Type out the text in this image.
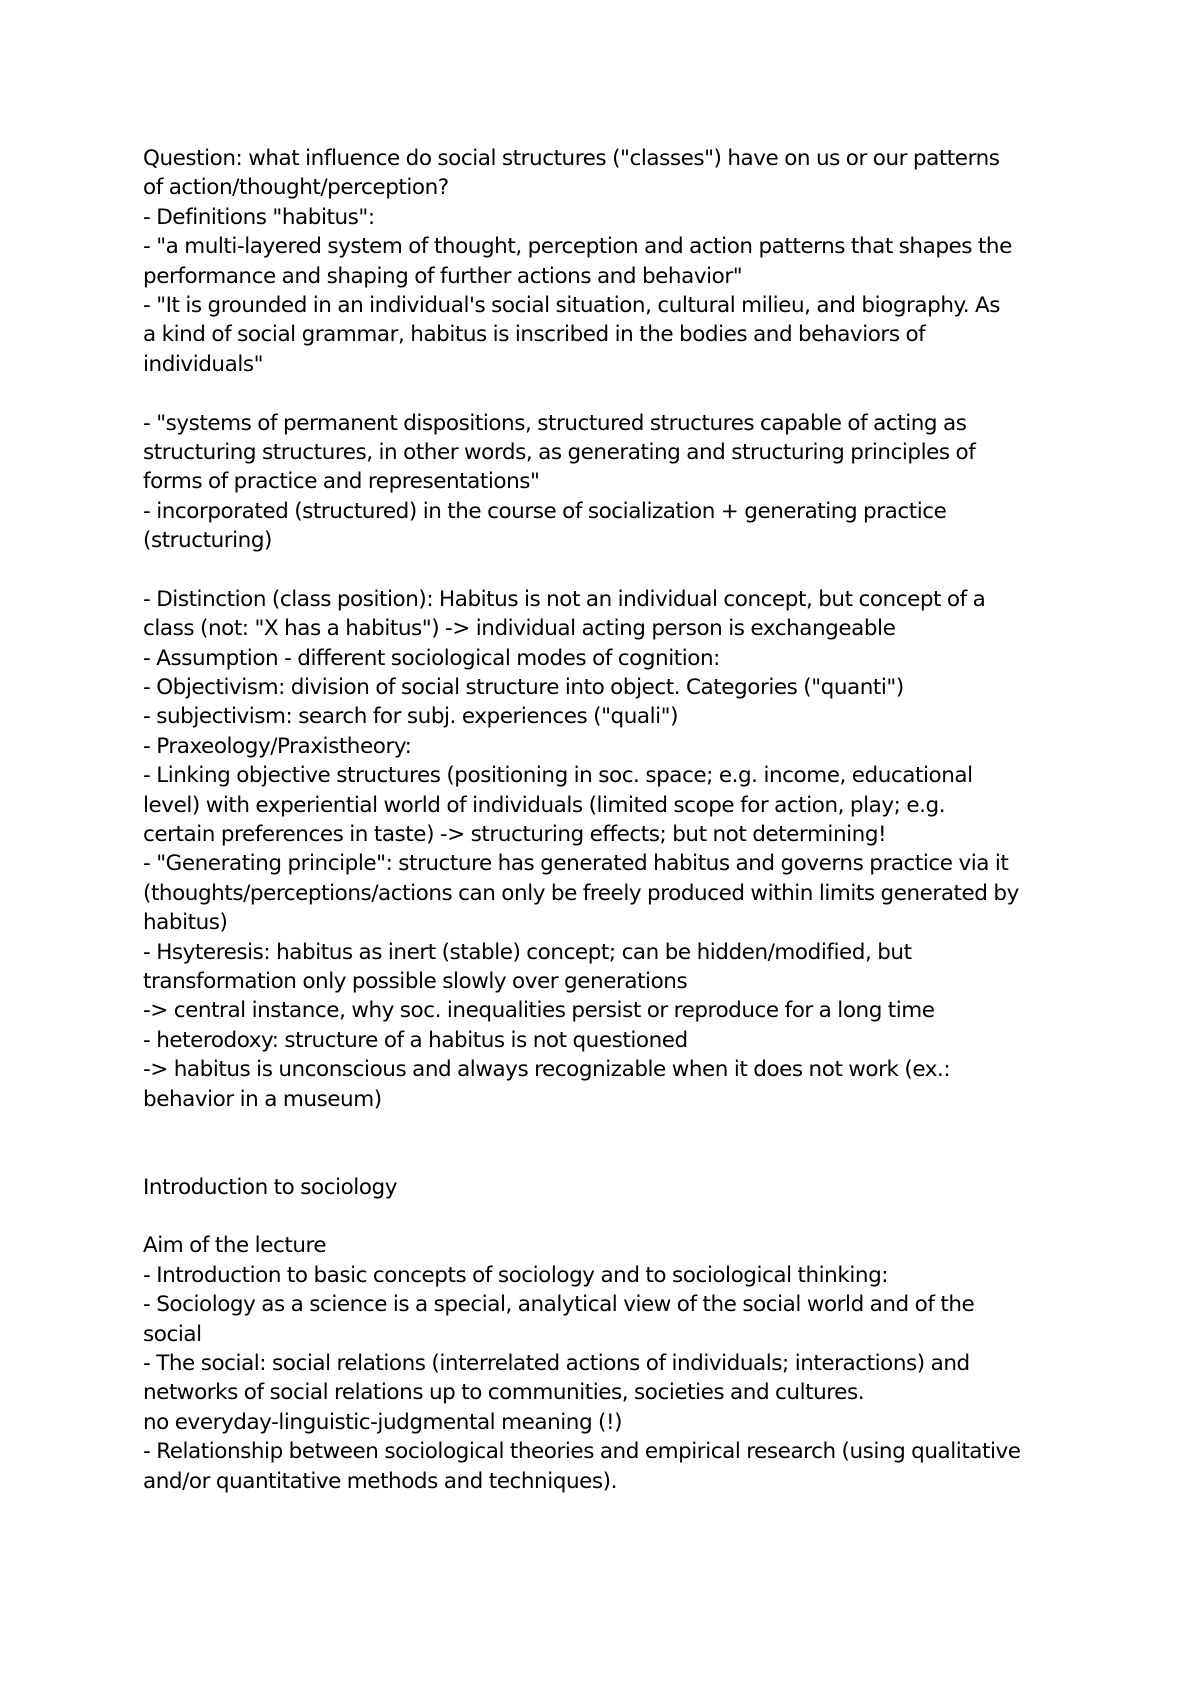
Question: what influence do social structures ("classes") have on us or our patterns
of action/thought/perception?
- Definitions "habitus":
- "a multi-layered system of thought, perception and action patterns that shapes the
performance and shaping of further actions and behavior"
- "It is grounded in an individual's social situation, cultural milieu, and biography. As
a kind of social grammar, habitus is inscribed in the bodies and behaviors of
individuals"
- "systems of permanent dispositions, structured structures capable of acting as
structuring structures, in other words, as generating and structuring principles of
forms of practice and representations"
- incorporated (structured) in the course of socialization + generating practice
(structuring)
- Distinction (class position): Habitus is not an individual concept, but concept of a
class (not: "X has a habitus") -> individual acting person is exchangeable
- Assumption - different sociological modes of cognition:
- Objectivism: division of social structure into object. Categories ("quanti")
- subjectivism: search for subj. experiences ("quali")
- Praxeology/Praxistheory:
- Linking objective structures (positioning in soc. space; e.g. income, educational
level) with experiential world of individuals (limited scope for action, play; e.g.
certain preferences in taste) -> structuring effects; but not determining!
- "Generating principle": structure has generated habitus and governs practice via it
(thoughts/perceptions/actions can only be freely produced within limits generated by
habitus)
- Hsyteresis: habitus as inert (stable) concept; can be hidden/modified, but
transformation only possible slowly over generations
-> central instance, why soc. inequalities persist or reproduce for a long time
- heterodoxy: structure of a habitus is not questioned
-> habitus is unconscious and always recognizable when it does not work (ex.:
behavior in a museum)
Introduction to sociology
Aim of the lecture
- Introduction to basic concepts of sociology and to sociological thinking:
- Sociology as a science is a special, analytical view of the social world and of the
social
- The social: social relations (interrelated actions of individuals; interactions) and
networks of social relations up to communities, societies and cultures.
no everyday-linguistic-judgmental meaning (!)
- Relationship between sociological theories and empirical research (using qualitative
and/or quantitative methods and techniques).
